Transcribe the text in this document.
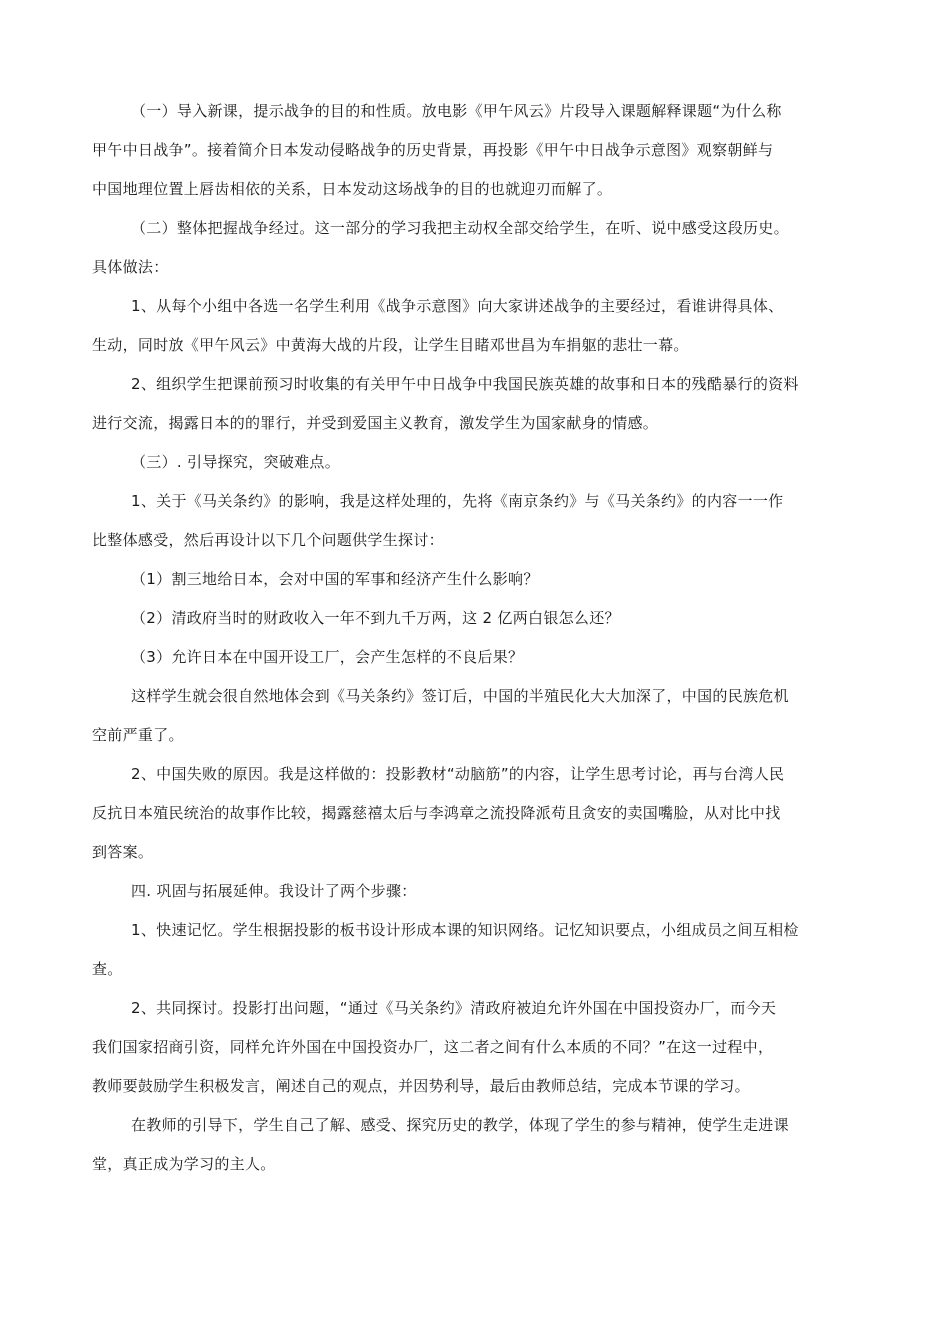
（一）导入新课，提示战争的目的和性质。放电影《甲午风云》片段导入课题解释课题“为什么称
甲午中日战争”。接着简介日本发动侵略战争的历史背景，再投影《甲午中日战争示意图》观察朝鲜与
中国地理位置上唇齿相依的关系，日本发动这场战争的目的也就迎刃而解了。
（二）整体把握战争经过。这一部分的学习我把主动权全部交给学生，在听、说中感受这段历史。
具体做法：
1、从每个小组中各选一名学生利用《战争示意图》向大家讲述战争的主要经过，看谁讲得具体、
生动，同时放《甲午风云》中黄海大战的片段，让学生目睹邓世昌为车捐躯的悲壮一幕。
2、组织学生把课前预习时收集的有关甲午中日战争中我国民族英雄的故事和日本的残酷暴行的资料
进行交流，揭露日本的的罪行，并受到爱国主义教育，激发学生为国家献身的情感。
（三）. 引导探究，突破难点。
1、关于《马关条约》的影响，我是这样处理的，先将《南京条约》与《马关条约》的内容一一作
比整体感受，然后再设计以下几个问题供学生探讨：
（1）割三地给日本，会对中国的军事和经济产生什么影响？
（2）清政府当时的财政收入一年不到九千万两，这 2 亿两白银怎么还？
（3）允许日本在中国开设工厂，会产生怎样的不良后果？
这样学生就会很自然地体会到《马关条约》签订后，中国的半殖民化大大加深了，中国的民族危机
空前严重了。
2、中国失败的原因。我是这样做的：投影教材“动脑筋”的内容，让学生思考讨论，再与台湾人民
反抗日本殖民统治的故事作比较，揭露慈禧太后与李鸿章之流投降派苟且贪安的卖国嘴脸，从对比中找
到答案。
四. 巩固与拓展延伸。我设计了两个步骤：
1、快速记忆。学生根据投影的板书设计形成本课的知识网络。记忆知识要点，小组成员之间互相检
查。
2、共同探讨。投影打出问题，“通过《马关条约》清政府被迫允许外国在中国投资办厂，而今天
我们国家招商引资，同样允许外国在中国投资办厂，这二者之间有什么本质的不同？”在这一过程中，
教师要鼓励学生积极发言，阐述自己的观点，并因势利导，最后由教师总结，完成本节课的学习。
在教师的引导下，学生自己了解、感受、探究历史的教学，体现了学生的参与精神，使学生走进课
堂，真正成为学习的主人。
